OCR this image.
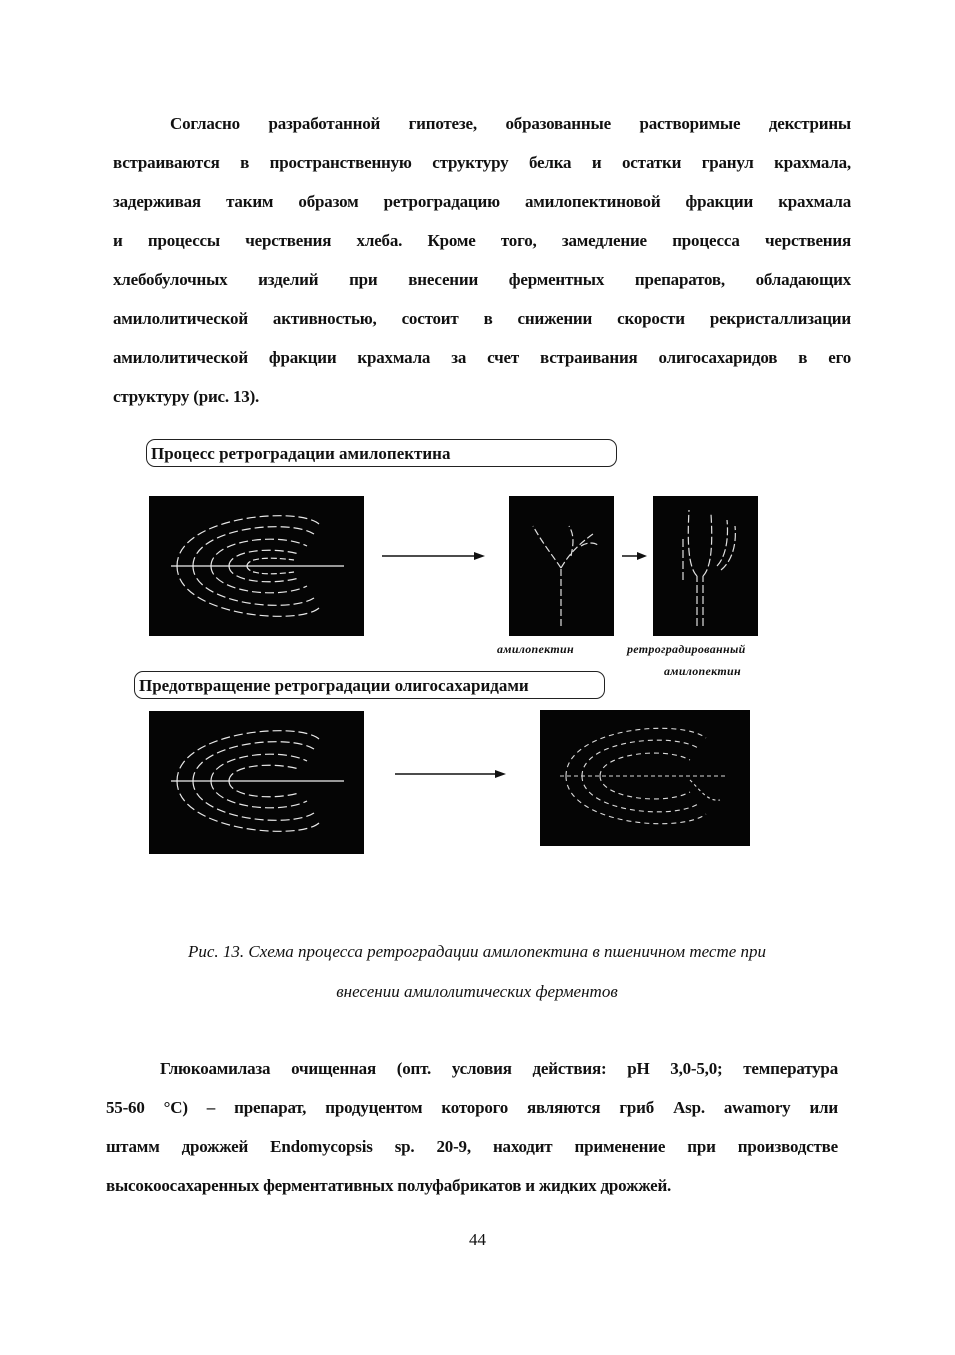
Согласно разработанной гипотезе, образованные растворимые декстрины
встраиваются в пространственную структуру белка и остатки гранул крахмала,
задерживая таким образом ретроградацию амилопектиновой фракции крахмала
и процессы черствения хлеба. Кроме того, замедление процесса черствения
хлебобулочных изделий при внесении ферментных препаратов, обладающих
амилолитической активностью, состоит в снижении скорости рекристаллизации
амилолитической фракции крахмала за счет встраивания олигосахаридов в его
структуру (рис. 13).
Процесс ретроградации амилопектина
амилопектин	ретроградированный
амилопектин
Предотвращение ретроградации олигосахаридами
Рис. 13. Схема процесса ретроградации амилопектина в пшеничном тесте при
внесении амилолитических ферментов
Глюкоамилаза очищенная (опт. условия действия: pH 3,0-5,0; температура
55-60 °С) – препарат, продуцентом которого являются гриб Asp. awamory или
штамм дрожжей Endomycopsis sp. 20-9, находит применение при производстве
высокоосахаренных ферментативных полуфабрикатов и жидких дрожжей.
44
